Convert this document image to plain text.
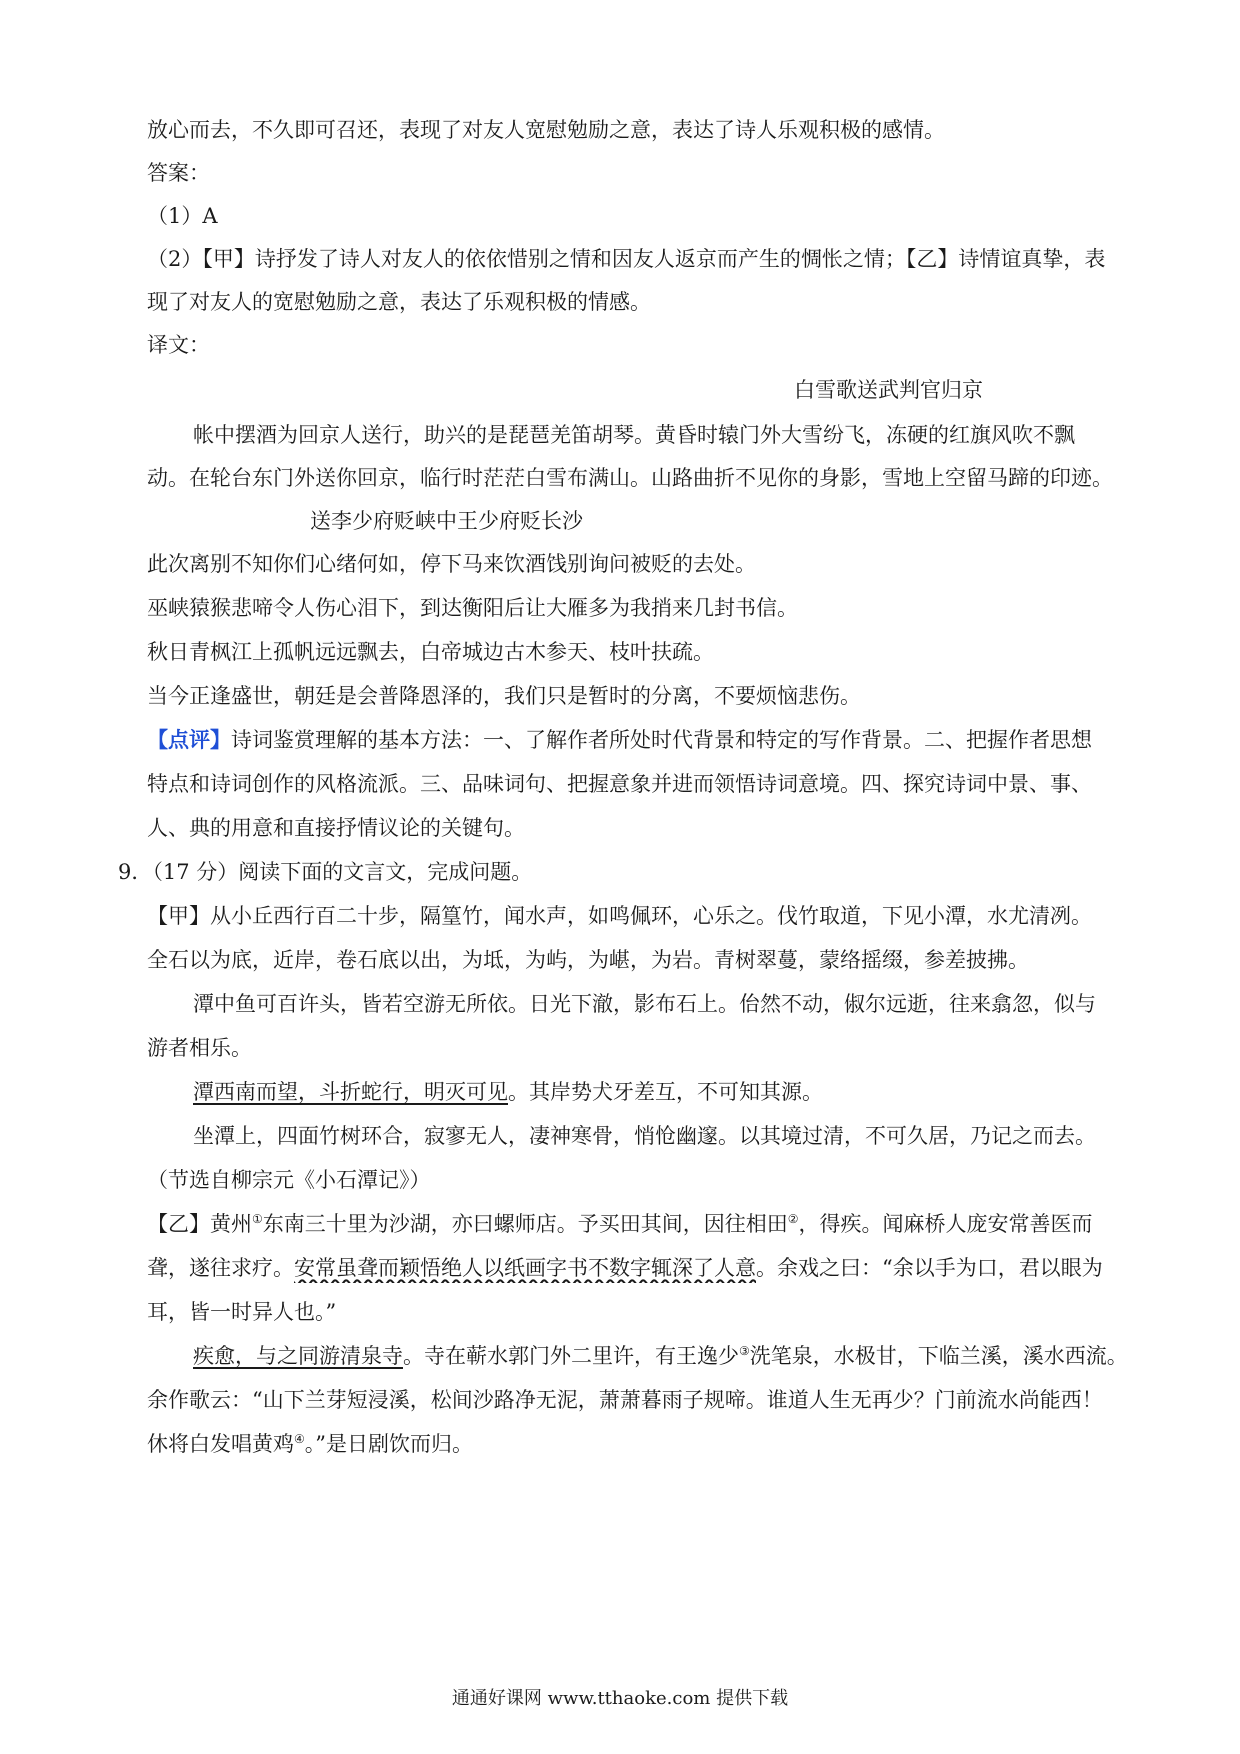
放心而去，不久即可召还，表现了对友人宽慰勉励之意，表达了诗人乐观积极的感情。
答案：
（1）A
（2）【甲】诗抒发了诗人对友人的依依惜别之情和因友人返京而产生的惆怅之情；【乙】诗情谊真挚，表
现了对友人的宽慰勉励之意，表达了乐观积极的情感。
译文：
白雪歌送武判官归京
帐中摆酒为回京人送行，助兴的是琵琶羌笛胡琴。黄昏时辕门外大雪纷飞，冻硬的红旗风吹不飘
动。在轮台东门外送你回京，临行时茫茫白雪布满山。山路曲折不见你的身影，雪地上空留马蹄的印迹。
送李少府贬峡中王少府贬长沙
此次离别不知你们心绪何如，停下马来饮酒饯别询问被贬的去处。
巫峡猿猴悲啼令人伤心泪下，到达衡阳后让大雁多为我捎来几封书信。
秋日青枫江上孤帆远远飘去，白帝城边古木参天、枝叶扶疏。
当今正逢盛世，朝廷是会普降恩泽的，我们只是暂时的分离，不要烦恼悲伤。
【点评】诗词鉴赏理解的基本方法：一、了解作者所处时代背景和特定的写作背景。二、把握作者思想
特点和诗词创作的风格流派。三、品味词句、把握意象并进而领悟诗词意境。四、探究诗词中景、事、
人、典的用意和直接抒情议论的关键句。
9．（17 分）阅读下面的文言文，完成问题。
【甲】从小丘西行百二十步，隔篁竹，闻水声，如鸣佩环，心乐之。伐竹取道，下见小潭，水尤清冽。
全石以为底，近岸，卷石底以出，为坻，为屿，为嵁，为岩。青树翠蔓，蒙络摇缀，参差披拂。
潭中鱼可百许头，皆若空游无所依。日光下澈，影布石上。佁然不动，俶尔远逝，往来翕忽，似与
游者相乐。
潭西南而望，斗折蛇行，明灭可见。其岸势犬牙差互，不可知其源。
坐潭上，四面竹树环合，寂寥无人，凄神寒骨，悄怆幽邃。以其境过清，不可久居，乃记之而去。
（节选自柳宗元《小石潭记》）
【乙】黄州①东南三十里为沙湖，亦曰螺师店。予买田其间，因往相田②，得疾。闻麻桥人庞安常善医而
聋，遂往求疗。安常虽聋而颖悟绝人以纸画字书不数字辄深了人意。余戏之曰：“余以手为口，君以眼为
耳，皆一时异人也。”
疾愈，与之同游清泉寺。寺在蕲水郭门外二里许，有王逸少③洗笔泉，水极甘，下临兰溪，溪水西流。
余作歌云：“山下兰芽短浸溪，松间沙路净无泥，萧萧暮雨子规啼。谁道人生无再少？门前流水尚能西！
休将白发唱黄鸡④。”是日剧饮而归。
通通好课网 www.tthaoke.com 提供下载
